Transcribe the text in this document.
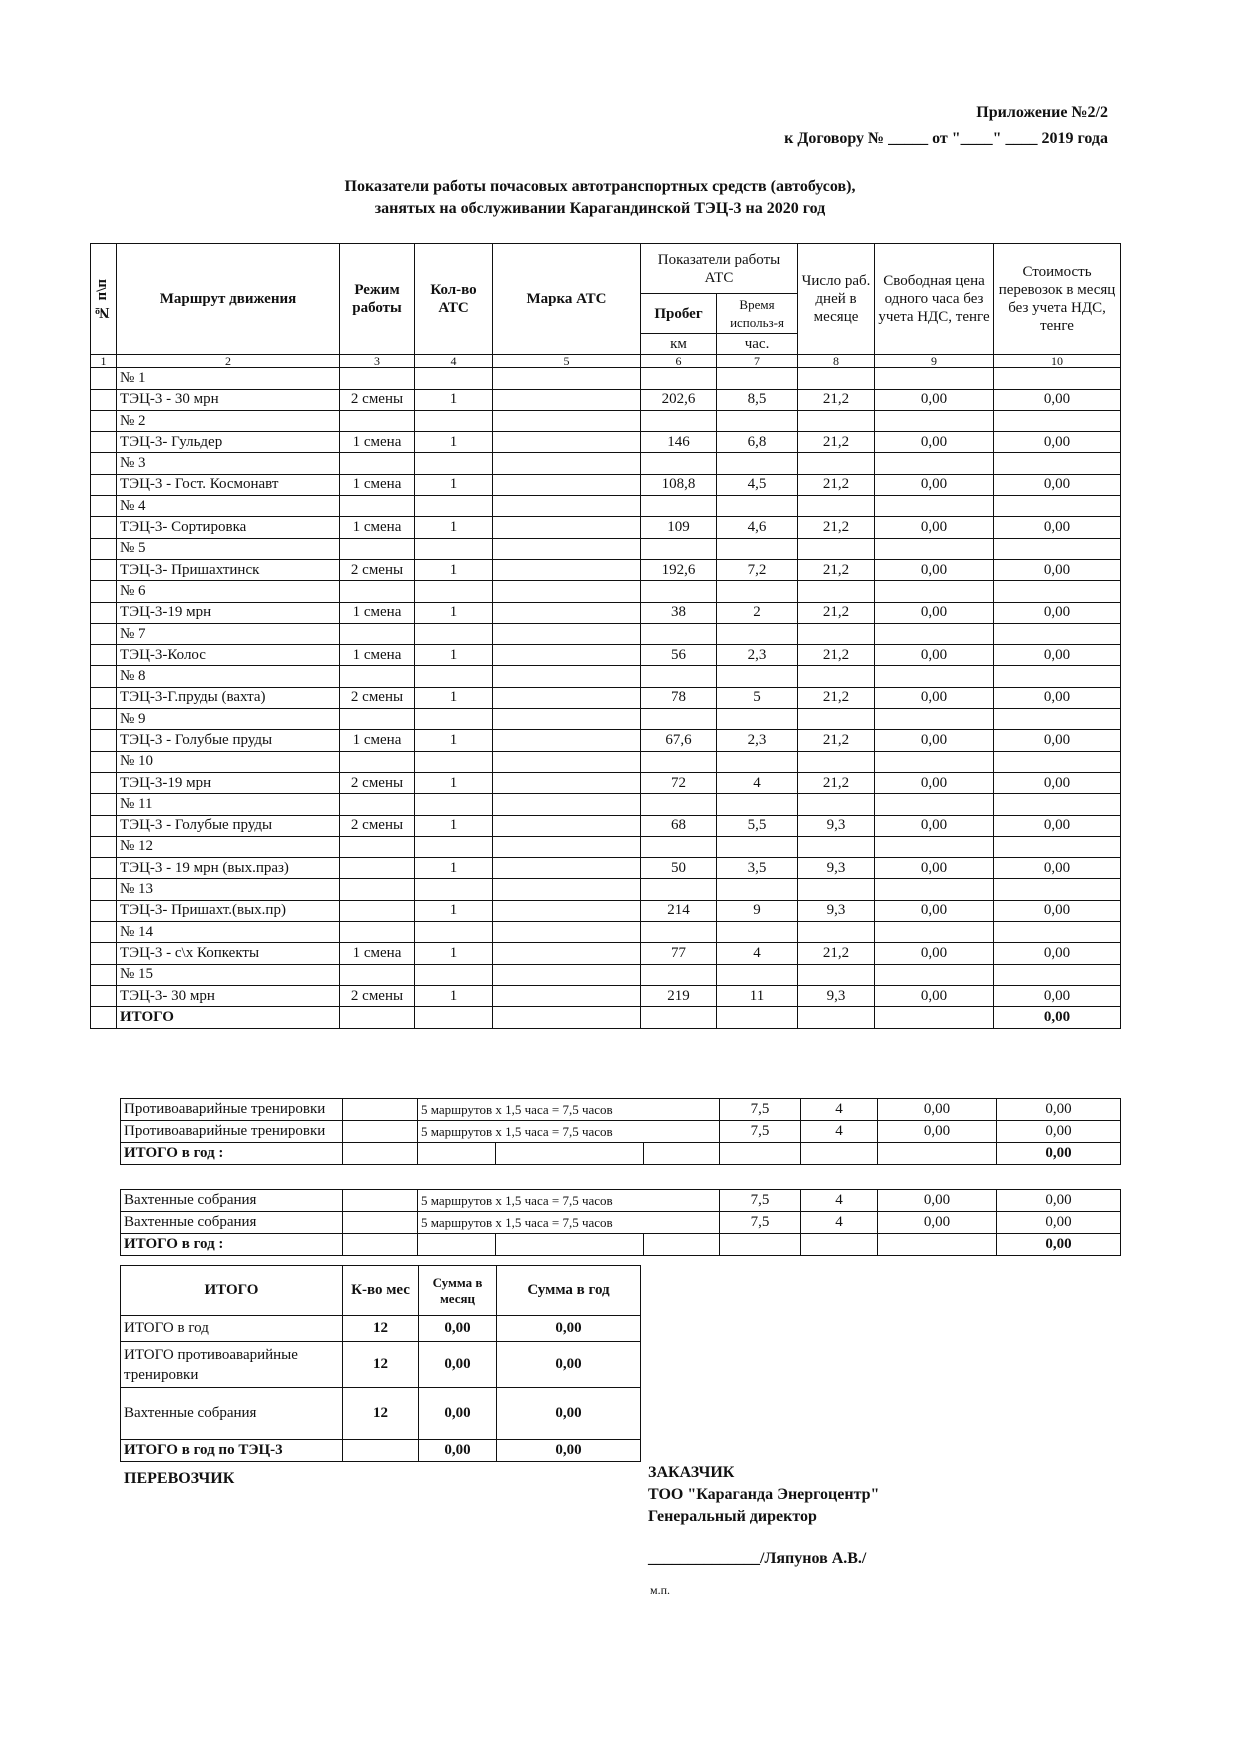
Приложение №2/2
к Договору № _____ от "____" ____ 2019 года
Показатели работы почасовых автотранспортных средств (автобусов),
занятых на обслуживании Карагандинской ТЭЦ-3 на 2020 год
№ п\п	Маршрут движения	Режим работы	Кол-во АТС	Марка АТС	Показатели работы АТС		Число раб. дней в месяце	Свободная цена одного часа без учета НДС, тенге	Стоимость перевозок в месяц без учета НДС, тенге
					Пробег	Время использ-я			
					км	час.			
1	2	3	4	5	6	7	8	9	10
	№ 1								
	ТЭЦ-3 - 30 мрн	2 смены	1		202,6	8,5	21,2	0,00	0,00
	№ 2								
	ТЭЦ-3- Гульдер	1 смена	1		146	6,8	21,2	0,00	0,00
	№ 3								
	ТЭЦ-3 - Гост. Космонавт	1 смена	1		108,8	4,5	21,2	0,00	0,00
	№ 4								
	ТЭЦ-3- Сортировка	1 смена	1		109	4,6	21,2	0,00	0,00
	№ 5								
	ТЭЦ-3- Пришахтинск	2 смены	1		192,6	7,2	21,2	0,00	0,00
	№ 6								
	ТЭЦ-3-19 мрн	1 смена	1		38	2	21,2	0,00	0,00
	№ 7								
	ТЭЦ-3-Колос	1 смена	1		56	2,3	21,2	0,00	0,00
	№ 8								
	ТЭЦ-3-Г.пруды (вахта)	2 смены	1		78	5	21,2	0,00	0,00
	№ 9								
	ТЭЦ-3 - Голубые пруды	1 смена	1		67,6	2,3	21,2	0,00	0,00
	№ 10								
	ТЭЦ-3-19 мрн	2 смены	1		72	4	21,2	0,00	0,00
	№ 11								
	ТЭЦ-3 - Голубые пруды	2 смены	1		68	5,5	9,3	0,00	0,00
	№ 12								
	ТЭЦ-3 - 19 мрн (вых.праз)		1		50	3,5	9,3	0,00	0,00
	№ 13								
	ТЭЦ-3- Пришахт.(вых.пр)		1		214	9	9,3	0,00	0,00
	№ 14								
	ТЭЦ-3 - с\х Копкекты	1 смена	1		77	4	21,2	0,00	0,00
	№ 15								
	ТЭЦ-3- 30 мрн	2 смены	1		219	11	9,3	0,00	0,00
	ИТОГО								0,00
Противоаварийные тренировки		5 маршрутов х 1,5 часа = 7,5 часов			7,5	4	0,00	0,00
Противоаварийные тренировки		5 маршрутов х 1,5 часа = 7,5 часов			7,5	4	0,00	0,00
ИТОГО в год :								0,00
Вахтенные собрания		5 маршрутов х 1,5 часа = 7,5 часов			7,5	4	0,00	0,00
Вахтенные собрания		5 маршрутов х 1,5 часа = 7,5 часов			7,5	4	0,00	0,00
ИТОГО в год :								0,00
ИТОГО	К-во мес	Сумма в месяц	Сумма в год
ИТОГО в год	12	0,00	0,00
ИТОГО противоаварийные тренировки	12	0,00	0,00
Вахтенные собрания	12	0,00	0,00
ИТОГО в год по ТЭЦ-3		0,00	0,00
ПЕРЕВОЗЧИК	ЗАКАЗЧИК
ТОО "Караганда Энергоцентр"
Генеральный директор
______________/Ляпунов А.В./
м.п.
